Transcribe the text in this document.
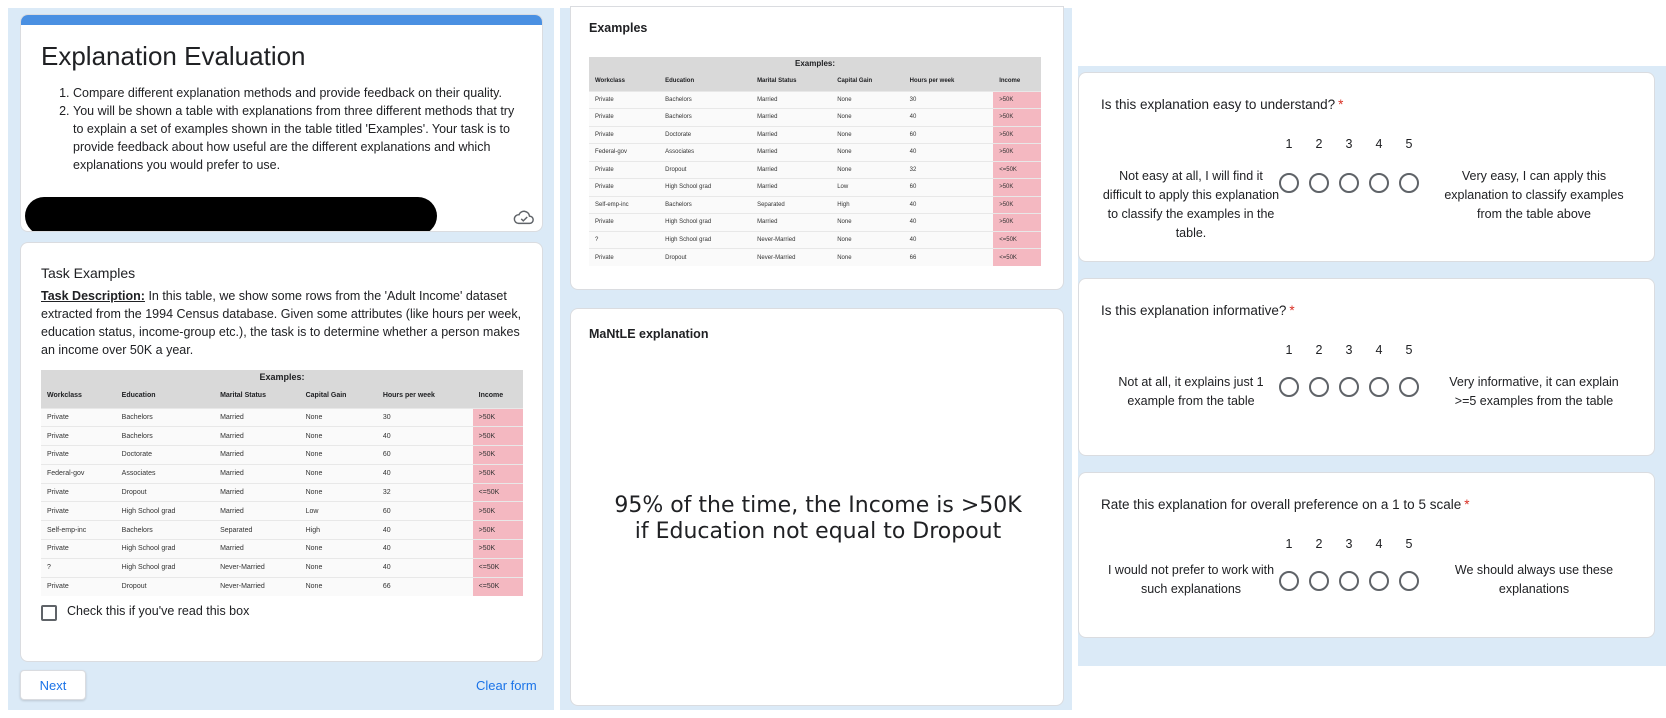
Explanation Evaluation
1. Compare different explanation methods and provide feedback on their quality.
2. You will be shown a table with explanations from three different methods that try to explain a set of examples shown in the table titled 'Examples'. Your task is to provide feedback about how useful are the different explanations and which explanations you would prefer to use.
Task Examples

Task Description: In this table, we show some rows from the 'Adult Income' dataset extracted from the 1994 Census database. Given some attributes (like hours per week, education status, income-group etc.), the task is to determine whether a person makes an income over 50K a year.

Examples:
Workclass	Education	Marital Status	Capital Gain	Hours per week	Income
Private	Bachelors	Married	None	30	>50K
Private	Bachelors	Married	None	40	>50K
Private	Doctorate	Married	None	60	>50K
Federal-gov	Associates	Married	None	40	>50K
Private	Dropout	Married	None	32	<=50K
Private	High School grad	Married	Low	60	>50K
Self-emp-inc	Bachelors	Separated	High	40	>50K
Private	High School grad	Married	None	40	>50K
?	High School grad	Never-Married	None	40	<=50K
Private	Dropout	Never-Married	None	66	<=50K
Check this if you've read this box
Next	Clear form
Examples
Examples:
Workclass	Education	Marital Status	Capital Gain	Hours per week	Income
Private	Bachelors	Married	None	30	>50K
Private	Bachelors	Married	None	40	>50K
Private	Doctorate	Married	None	60	>50K
Federal-gov	Associates	Married	None	40	>50K
Private	Dropout	Married	None	32	<=50K
Private	High School grad	Married	Low	60	>50K
Self-emp-inc	Bachelors	Separated	High	40	>50K
Private	High School grad	Married	None	40	>50K
?	High School grad	Never-Married	None	40	<=50K
Private	Dropout	Never-Married	None	66	<=50K
MaNtLE explanation
95% of the time, the Income is >50K
if Education not equal to Dropout
Is this explanation easy to understand? *
1	2	3	4	5
Not easy at all, I will find it difficult to apply this explanation to classify the examples in the table.
Very easy, I can apply this explanation to classify examples from the table above
Is this explanation informative? *
1	2	3	4	5
Not at all, it explains just 1 example from the table
Very informative, it can explain >=5 examples from the table
Rate this explanation for overall preference on a 1 to 5 scale *
1	2	3	4	5
I would not prefer to work with such explanations
We should always use these explanations
